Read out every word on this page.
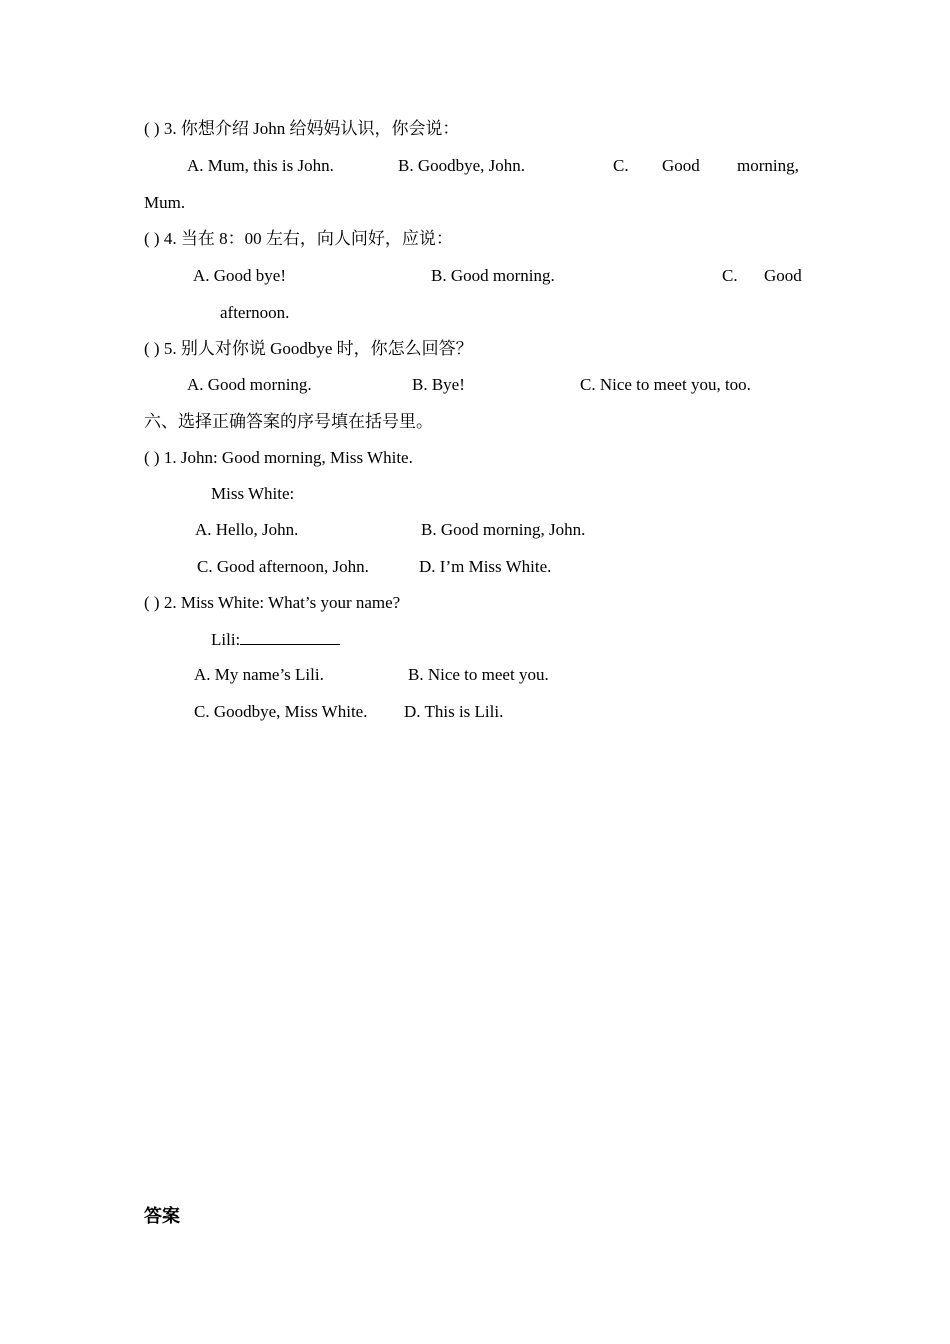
( ) 3. 你想介绍 John 给妈妈认识，你会说：
A. Mum, this is John.	B. Goodbye, John.	C. Good morning,
Mum.
( ) 4. 当在 8：00 左右，向人问好，应说：
A. Good bye!	B. Good morning.	C. Good
afternoon.
( ) 5. 别人对你说 Goodbye 时，你怎么回答？
A. Good morning.	B. Bye!	C. Nice to meet you, too.
六、选择正确答案的序号填在括号里。
( ) 1. John: Good morning, Miss White.
Miss White:
A. Hello, John.	B. Good morning, John.
C. Good afternoon, John.	D. I’m Miss White.
( ) 2. Miss White: What’s your name?
Lili:
A. My name’s Lili.	B. Nice to meet you.
C. Goodbye, Miss White. D. This is Lili.
答案
